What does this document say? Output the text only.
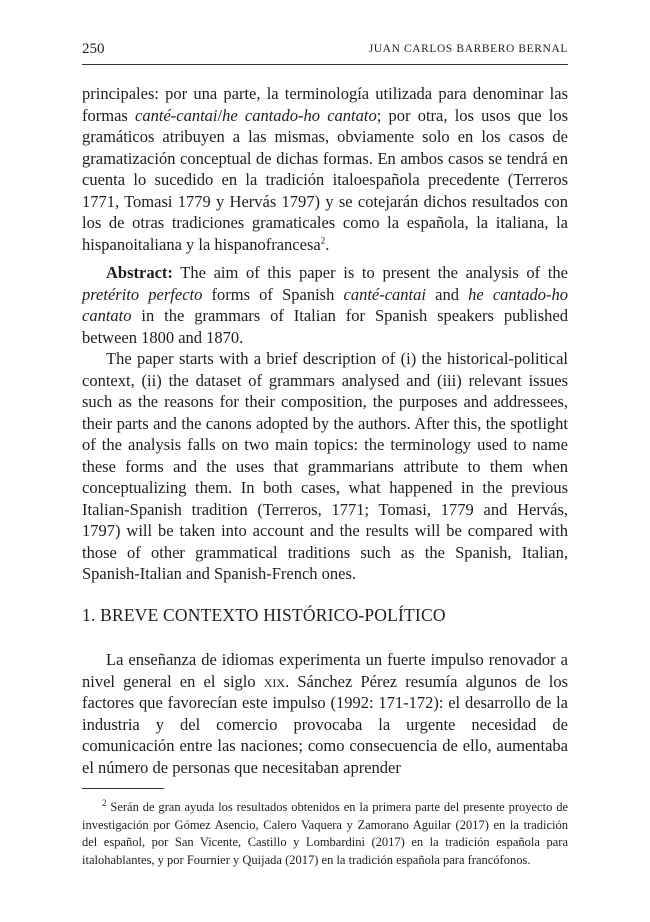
250	JUAN CARLOS BARBERO BERNAL

principales: por una parte, la terminología utilizada para denominar las formas canté-cantai/he cantado-ho cantato; por otra, los usos que los gramáticos atribuyen a las mismas, obviamente solo en los casos de gramatización conceptual de dichas formas. En ambos casos se tendrá en cuenta lo sucedido en la tradición italoespañola precedente (Terreros 1771, Tomasi 1779 y Hervás 1797) y se cotejarán dichos resultados con los de otras tradiciones gramaticales como la española, la italiana, la hispanoitaliana y la hispanofrancesa$^2$.

Abstract: The aim of this paper is to present the analysis of the pretérito perfecto forms of Spanish canté-cantai and he cantado-ho cantato in the grammars of Italian for Spanish speakers published between 1800 and 1870.

The paper starts with a brief description of (i) the historical-political context, (ii) the dataset of grammars analysed and (iii) relevant issues such as the reasons for their composition, the purposes and addressees, their parts and the canons adopted by the authors. After this, the spotlight of the analysis falls on two main topics: the terminology used to name these forms and the uses that grammarians attribute to them when conceptualizing them. In both cases, what happened in the previous Italian-Spanish tradition (Terreros, 1771; Tomasi, 1779 and Hervás, 1797) will be taken into account and the results will be compared with those of other grammatical traditions such as the Spanish, Italian, Spanish-Italian and Spanish-French ones.

1. BREVE CONTEXTO HISTÓRICO-POLÍTICO

La enseñanza de idiomas experimenta un fuerte impulso renovador a nivel general en el siglo xix. Sánchez Pérez resumía algunos de los factores que favorecían este impulso (1992: 171-172): el desarrollo de la industria y del comercio provocaba la urgente necesidad de comunicación entre las naciones; como consecuencia de ello, aumentaba el número de personas que necesitaban aprender

$^2$ Serán de gran ayuda los resultados obtenidos en la primera parte del presente proyecto de investigación por Gómez Asencio, Calero Vaquera y Zamorano Aguilar (2017) en la tradición del español, por San Vicente, Castillo y Lombardini (2017) en la tradición española para italohablantes, y por Fournier y Quijada (2017) en la tradición española para francófonos.
